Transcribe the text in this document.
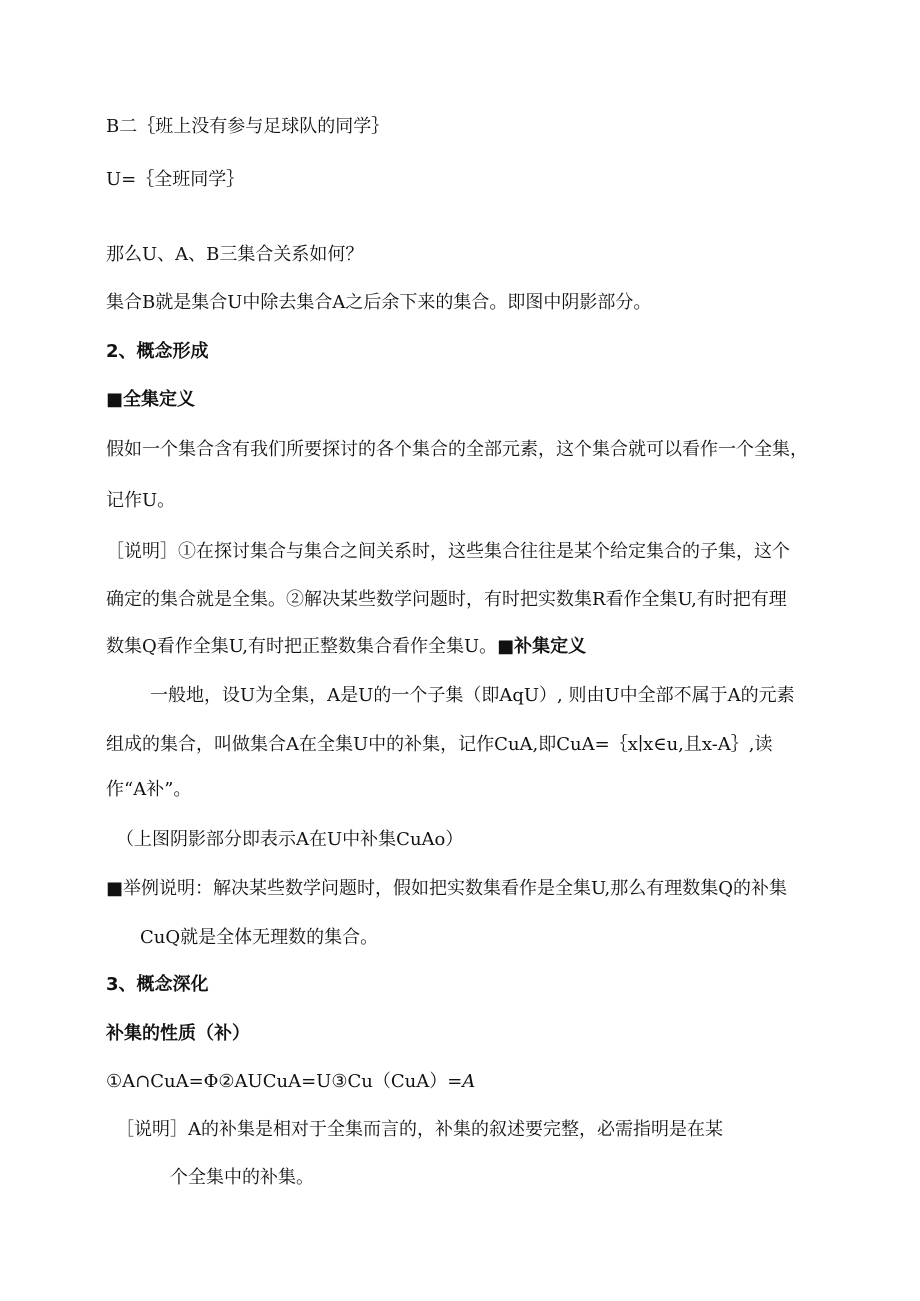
B二｛班上没有参与足球队的同学｝
U=｛全班同学｝
那么U、A、B三集合关系如何？
集合B就是集合U中除去集合A之后余下来的集合。即图中阴影部分。
2、概念形成
■全集定义
假如一个集合含有我们所要探讨的各个集合的全部元素，这个集合就可以看作一个全集，
记作U。
［说明］①在探讨集合与集合之间关系时，这些集合往往是某个给定集合的子集，这个
确定的集合就是全集。②解决某些数学问题时，有时把实数集R看作全集U,有时把有理
数集Q看作全集U,有时把正整数集合看作全集U。■补集定义
一般地，设U为全集，A是U的一个子集（即AqU）, 则由U中全部不属于A的元素
组成的集合，叫做集合A在全集U中的补集，记作CuA,即CuA=｛x∣x∈u,且x-A｝,读
作“A补”。
（上图阴影部分即表示A在U中补集CuAo）
■举例说明：解决某些数学问题时，假如把实数集看作是全集U,那么有理数集Q的补集
CuQ就是全体无理数的集合。
3、概念深化
补集的性质（补）
①A∩CuA=Φ②AUCuA=U③Cu（CuA）=A
［说明］A的补集是相对于全集而言的，补集的叙述要完整，必需指明是在某
个全集中的补集。
